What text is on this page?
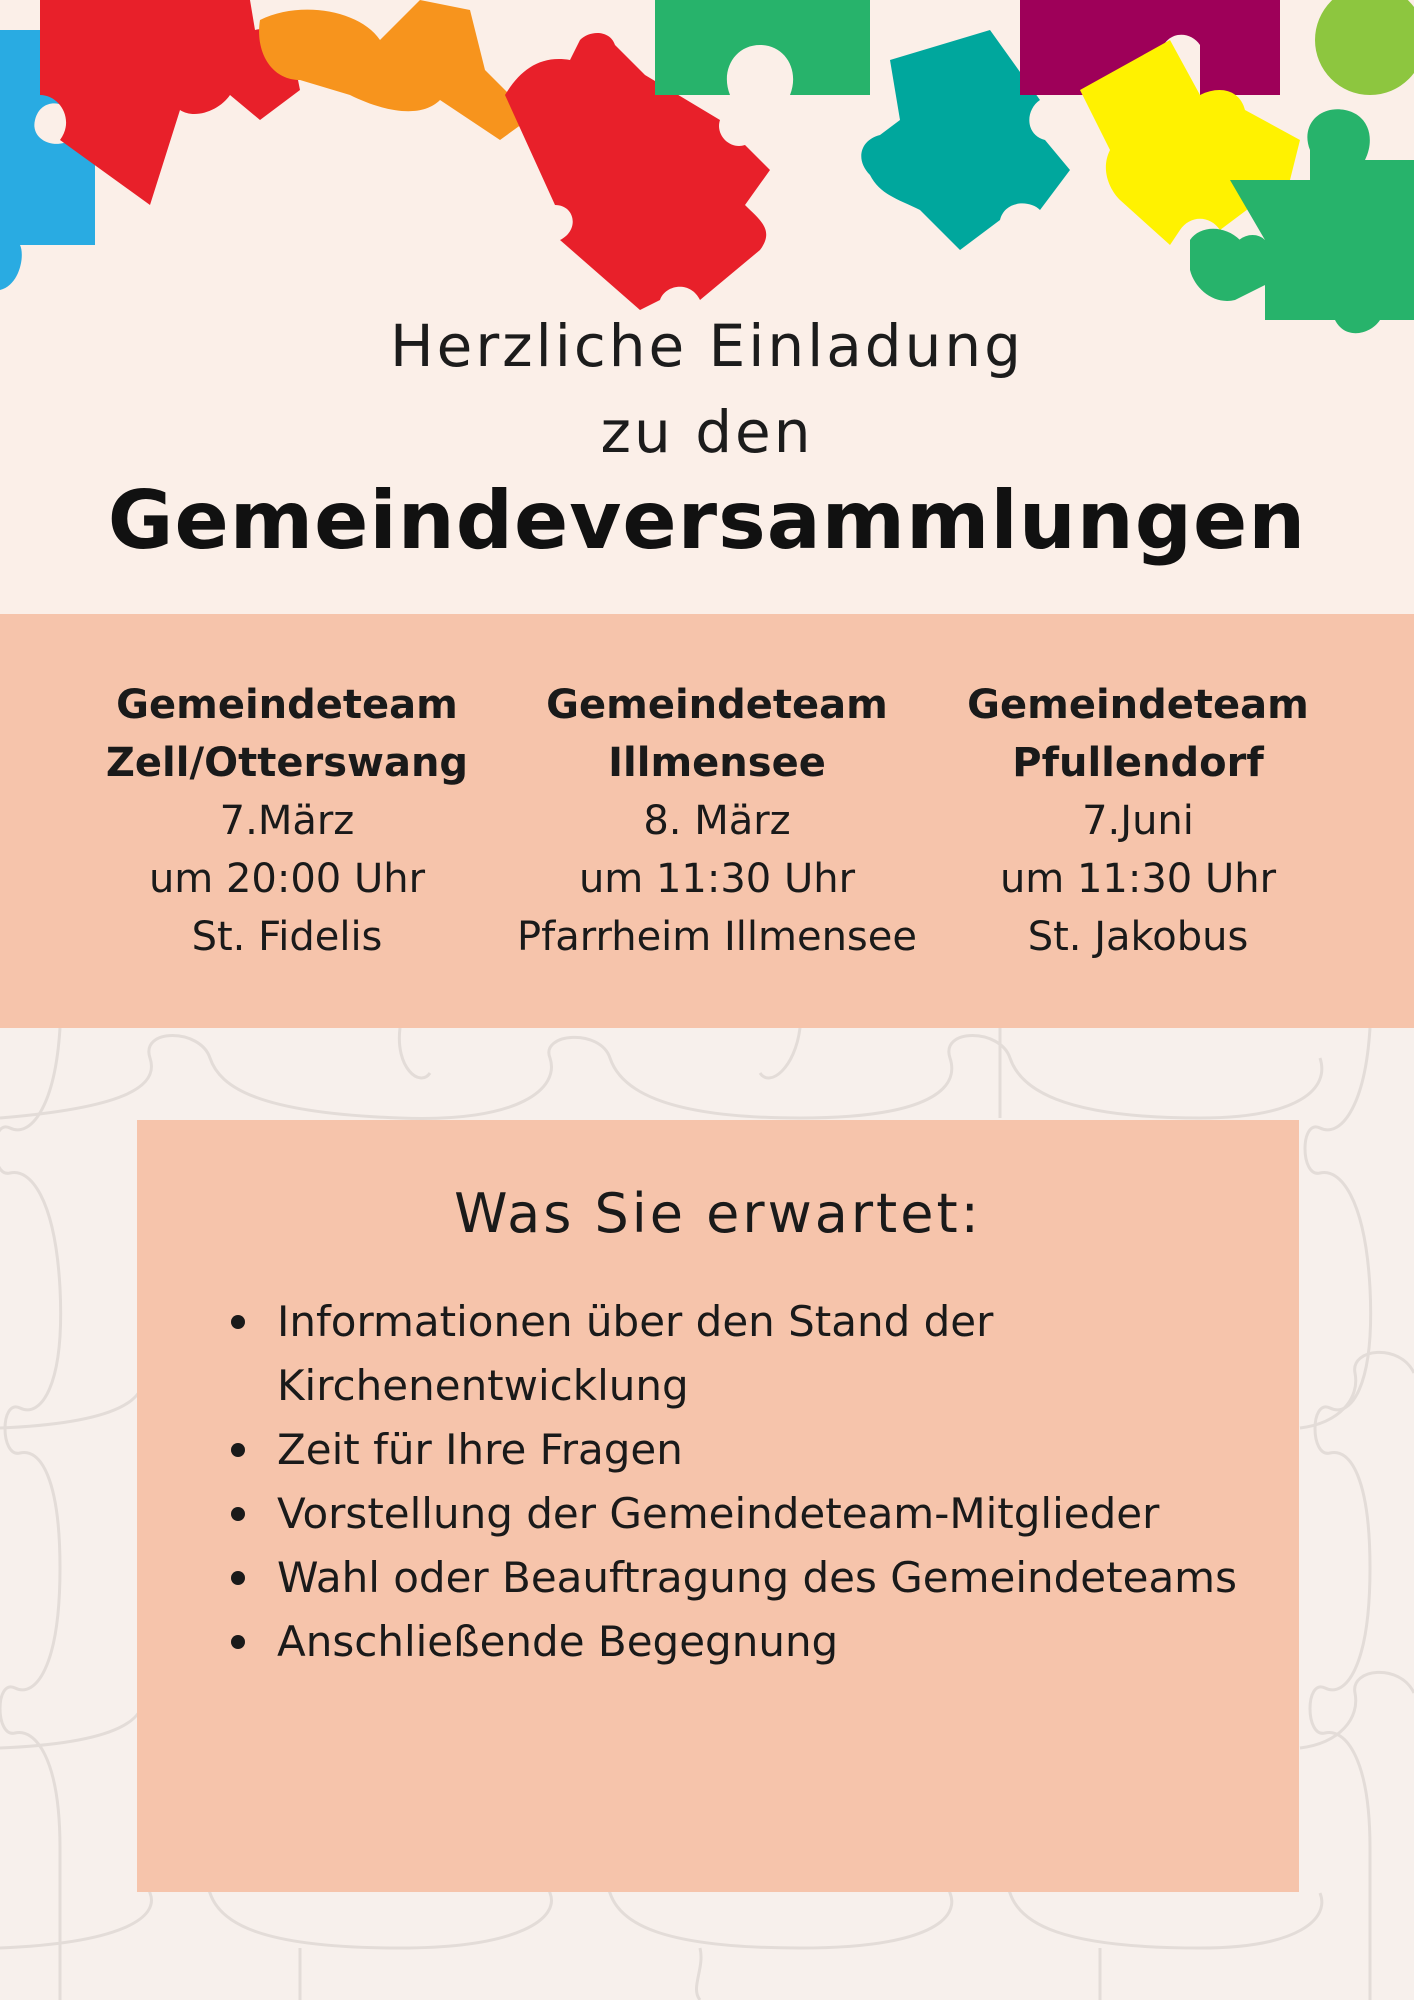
Herzliche Einladung
zu den
Gemeindeversammlungen
Gemeindeteam
Zell/Otterswang
7.März
um 20:00 Uhr
St. Fidelis
Gemeindeteam
Illmensee
8. März
um 11:30 Uhr
Pfarrheim Illmensee
Gemeindeteam
Pfullendorf
7.Juni
um 11:30 Uhr
St. Jakobus
Was Sie erwartet:
Informationen über den Stand der Kirchenentwicklung
Zeit für Ihre Fragen
Vorstellung der Gemeindeteam-Mitglieder
Wahl oder Beauftragung des Gemeindeteams
Anschließende Begegnung
